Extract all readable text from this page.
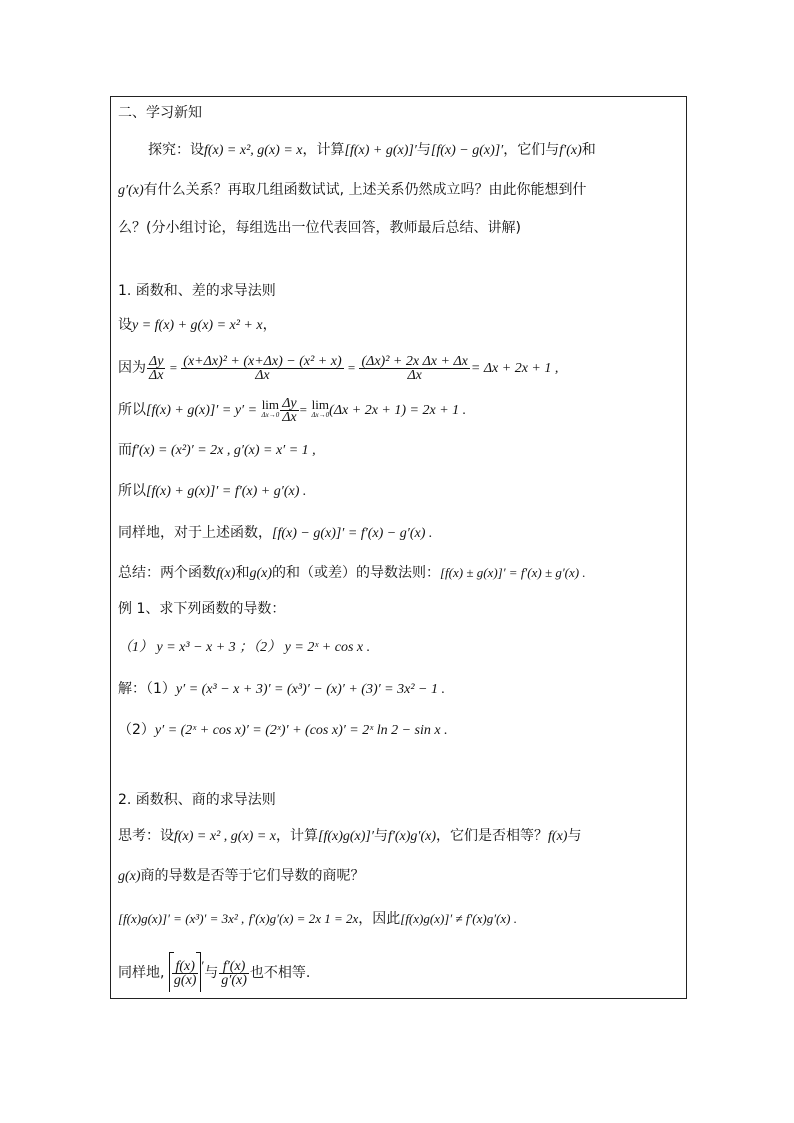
二、学习新知
探究：设f(x) = x², g(x) = x，计算[f(x) + g(x)]′与[f(x) − g(x)]′，它们与f′(x)和
g′(x)有什么关系？再取几组函数试试, 上述关系仍然成立吗？由此你能想到什
么？(分小组讨论，每组选出一位代表回答，教师最后总结、讲解)
1. 函数和、差的求导法则
设y = f(x) + g(x) = x² + x，
因为 $\frac{\Delta y}{\Delta x} = \frac{\text{(x+Δx)² + (x+Δx) − (x² + x)}}{\Delta x} = \frac{\text{(Δx)² + 2x Δx + Δx}}{\Delta x} = \Delta x + 2x + 1$ ,
所以[f(x) + g(x)]′ = y′ = lim
$\Delta x\to 0 \frac{\Delta y}{\Delta x} = \lim$
Δx→0 (Δx + 2x + 1) = 2x + 1 .
而f′(x) = (x²)′ = 2x , g′(x) = x′ = 1 ,
所以[f(x) + g(x)]′ = f′(x) + g′(x) .
同样地，对于上述函数，[f(x) − g(x)]′ = f′(x) − g′(x) .
总结：两个函数f(x)和g(x)的和（或差）的导数法则：[f(x) ± g(x)]′ = f′(x) ± g′(x) .
例 1、求下列函数的导数：
（1） y = x³ − x + 3 ；（2） y = 2ˣ + cos x .
解：（1）y′ = (x³ − x + 3)′ = (x³)′ − (x)′ + (3)′ = 3x² − 1 .
（2）y′ = (2ˣ + cos x)′ = (2ˣ)′ + (cos x)′ = 2ˣ ln 2 − sin x .
2. 函数积、商的求导法则
思考：设f(x) = x² , g(x) = x，计算[f(x)g(x)]′与f′(x)g′(x)，它们是否相等？f(x)与
g(x)商的导数是否等于它们导数的商呢？
[f(x)g(x)]′ = (x³)′ = 3x² , f′(x)g′(x) = 2x 1 = 2x，因此[f(x)g(x)]′ ≠ f′(x)g′(x) .
同样地, $\frac{f(x)}{g(x)}$ ′与 $\frac{f'(x)}{g'(x)}$ 也不相等.
